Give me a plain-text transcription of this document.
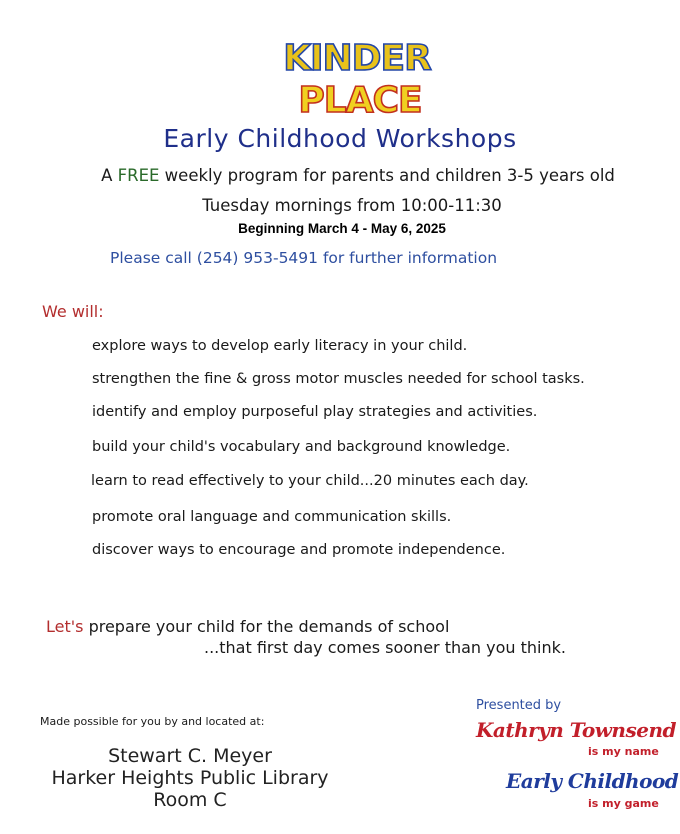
KINDER
PLACE
Early Childhood Workshops
A FREE weekly program for parents and children 3-5 years old
Tuesday mornings from 10:00-11:30
Beginning March 4 - May 6, 2025
Please call (254) 953-5491 for further information
We will:
explore ways to develop early literacy in your child.
strengthen the fine & gross motor muscles needed for school tasks.
identify and employ purposeful play strategies and activities.
build your child's vocabulary and background knowledge.
learn to read effectively to your child...20 minutes each day.
promote oral language and communication skills.
discover ways to encourage and promote independence.
Let's prepare your child for the demands of school
...that first day comes sooner than you think.
Made possible for you by and located at:
Stewart C. Meyer
Harker Heights Public Library
Room C
Presented by
Kathryn Townsend
is my name
Early Childhood
is my game
